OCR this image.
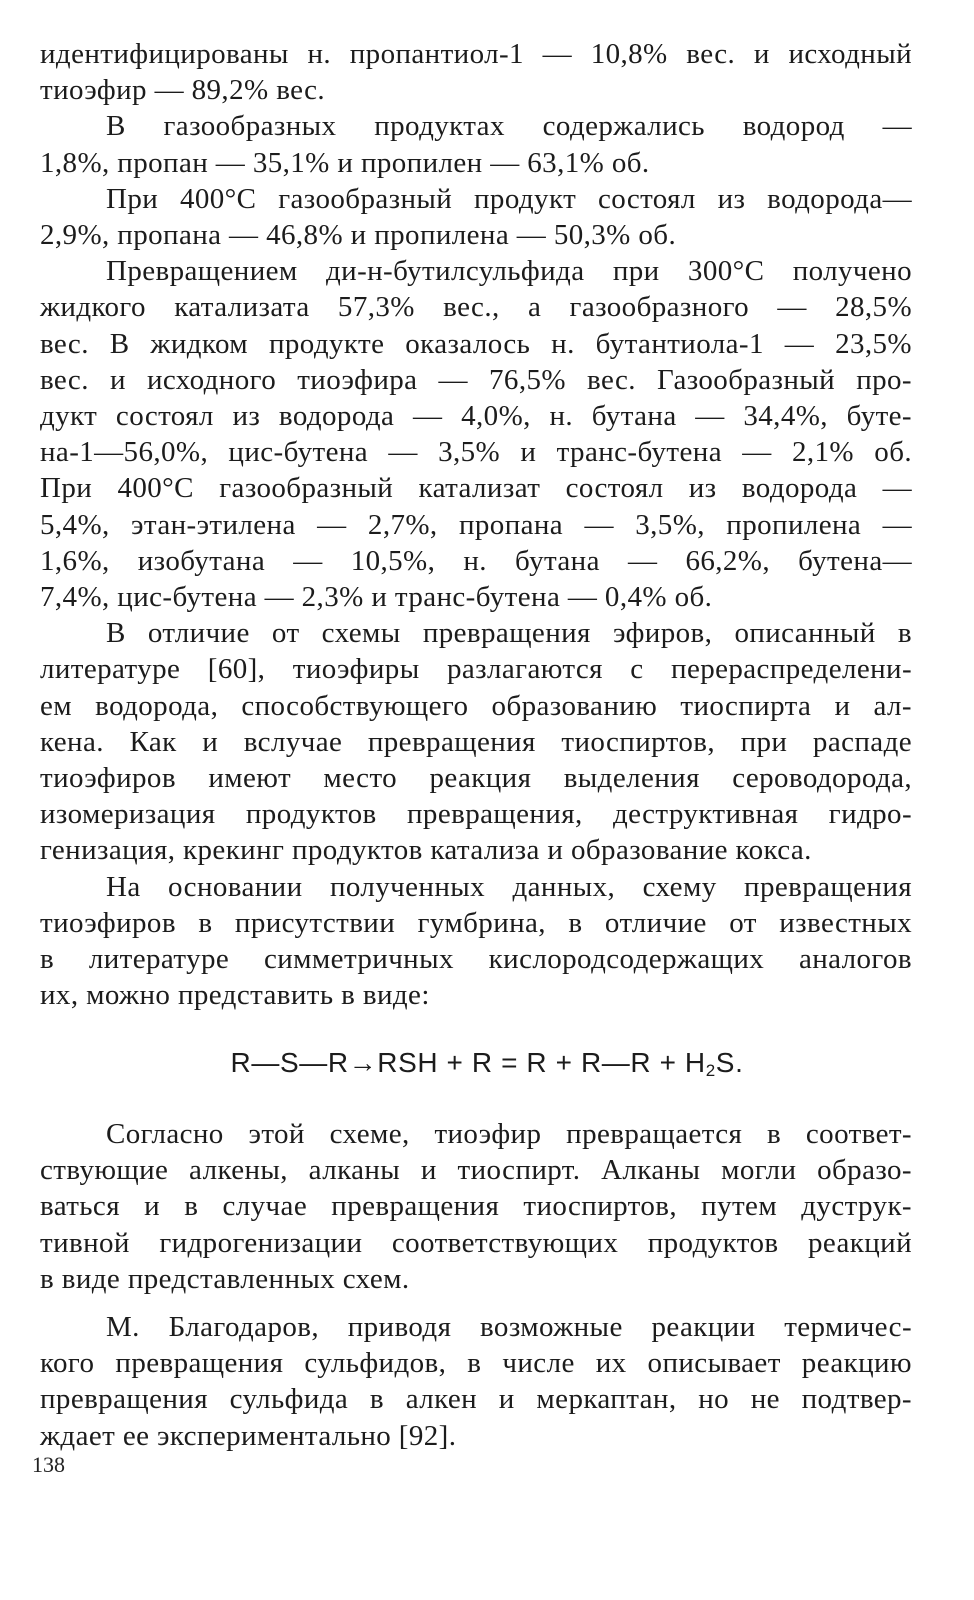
идентифицированы н. пропантиол-1 — 10,8% вес. и исходный
тиоэфир — 89,2% вес.

В газообразных продуктах содержались водород —
1,8%, пропан — 35,1% и пропилен — 63,1% об.

При 400°С газообразный продукт состоял из водорода—
2,9%, пропана — 46,8% и пропилена — 50,3% об.

Превращением ди-н-бутилсульфида при 300°С получено
жидкого катализата 57,3% вес., а газообразного — 28,5%
вес. В жидком продукте оказалось н. бутантиола-1 — 23,5%
вес. и исходного тиоэфира — 76,5% вес. Газообразный про-
дукт состоял из водорода — 4,0%, н. бутана — 34,4%, буте-
на-1—56,0%, цис-бутена — 3,5% и транс-бутена — 2,1% об.
При 400°С газообразный катализат состоял из водорода —
5,4%, этан-этилена — 2,7%, пропана — 3,5%, пропилена —
1,6%, изобутана — 10,5%, н. бутана — 66,2%, бутена—
7,4%, цис-бутена — 2,3% и транс-бутена — 0,4% об.

В отличие от схемы превращения эфиров, описанный в
литературе [60], тиоэфиры разлагаются с перераспределени-
ем водорода, способствующего образованию тиоспирта и ал-
кена. Как и вслучае превращения тиоспиртов, при распаде
тиоэфиров имеют место реакция выделения сероводорода,
изомеризация продуктов превращения, деструктивная гидро-
генизация, крекинг продуктов катализа и образование кокса.

На основании полученных данных, схему превращения
тиоэфиров в присутствии гумбрина, в отличие от известных
в литературе симметричных кислородсодержащих аналогов
их, можно представить в виде:

R—S—R→RSH + R = R + R—R + $H_2S$.

Согласно этой схеме, тиоэфир превращается в соответ-
ствующие алкены, алканы и тиоспирт. Алканы могли образо-
ваться и в случае превращения тиоспиртов, путем дуструк-
тивной гидрогенизации соответствующих продуктов реакций
в виде представленных схем.

М. Благодаров, приводя возможные реакции термичес-
кого превращения сульфидов, в числе их описывает реакцию
превращения сульфида в алкен и меркаптан, но не подтвер-
ждает ее экспериментально [92].

138
